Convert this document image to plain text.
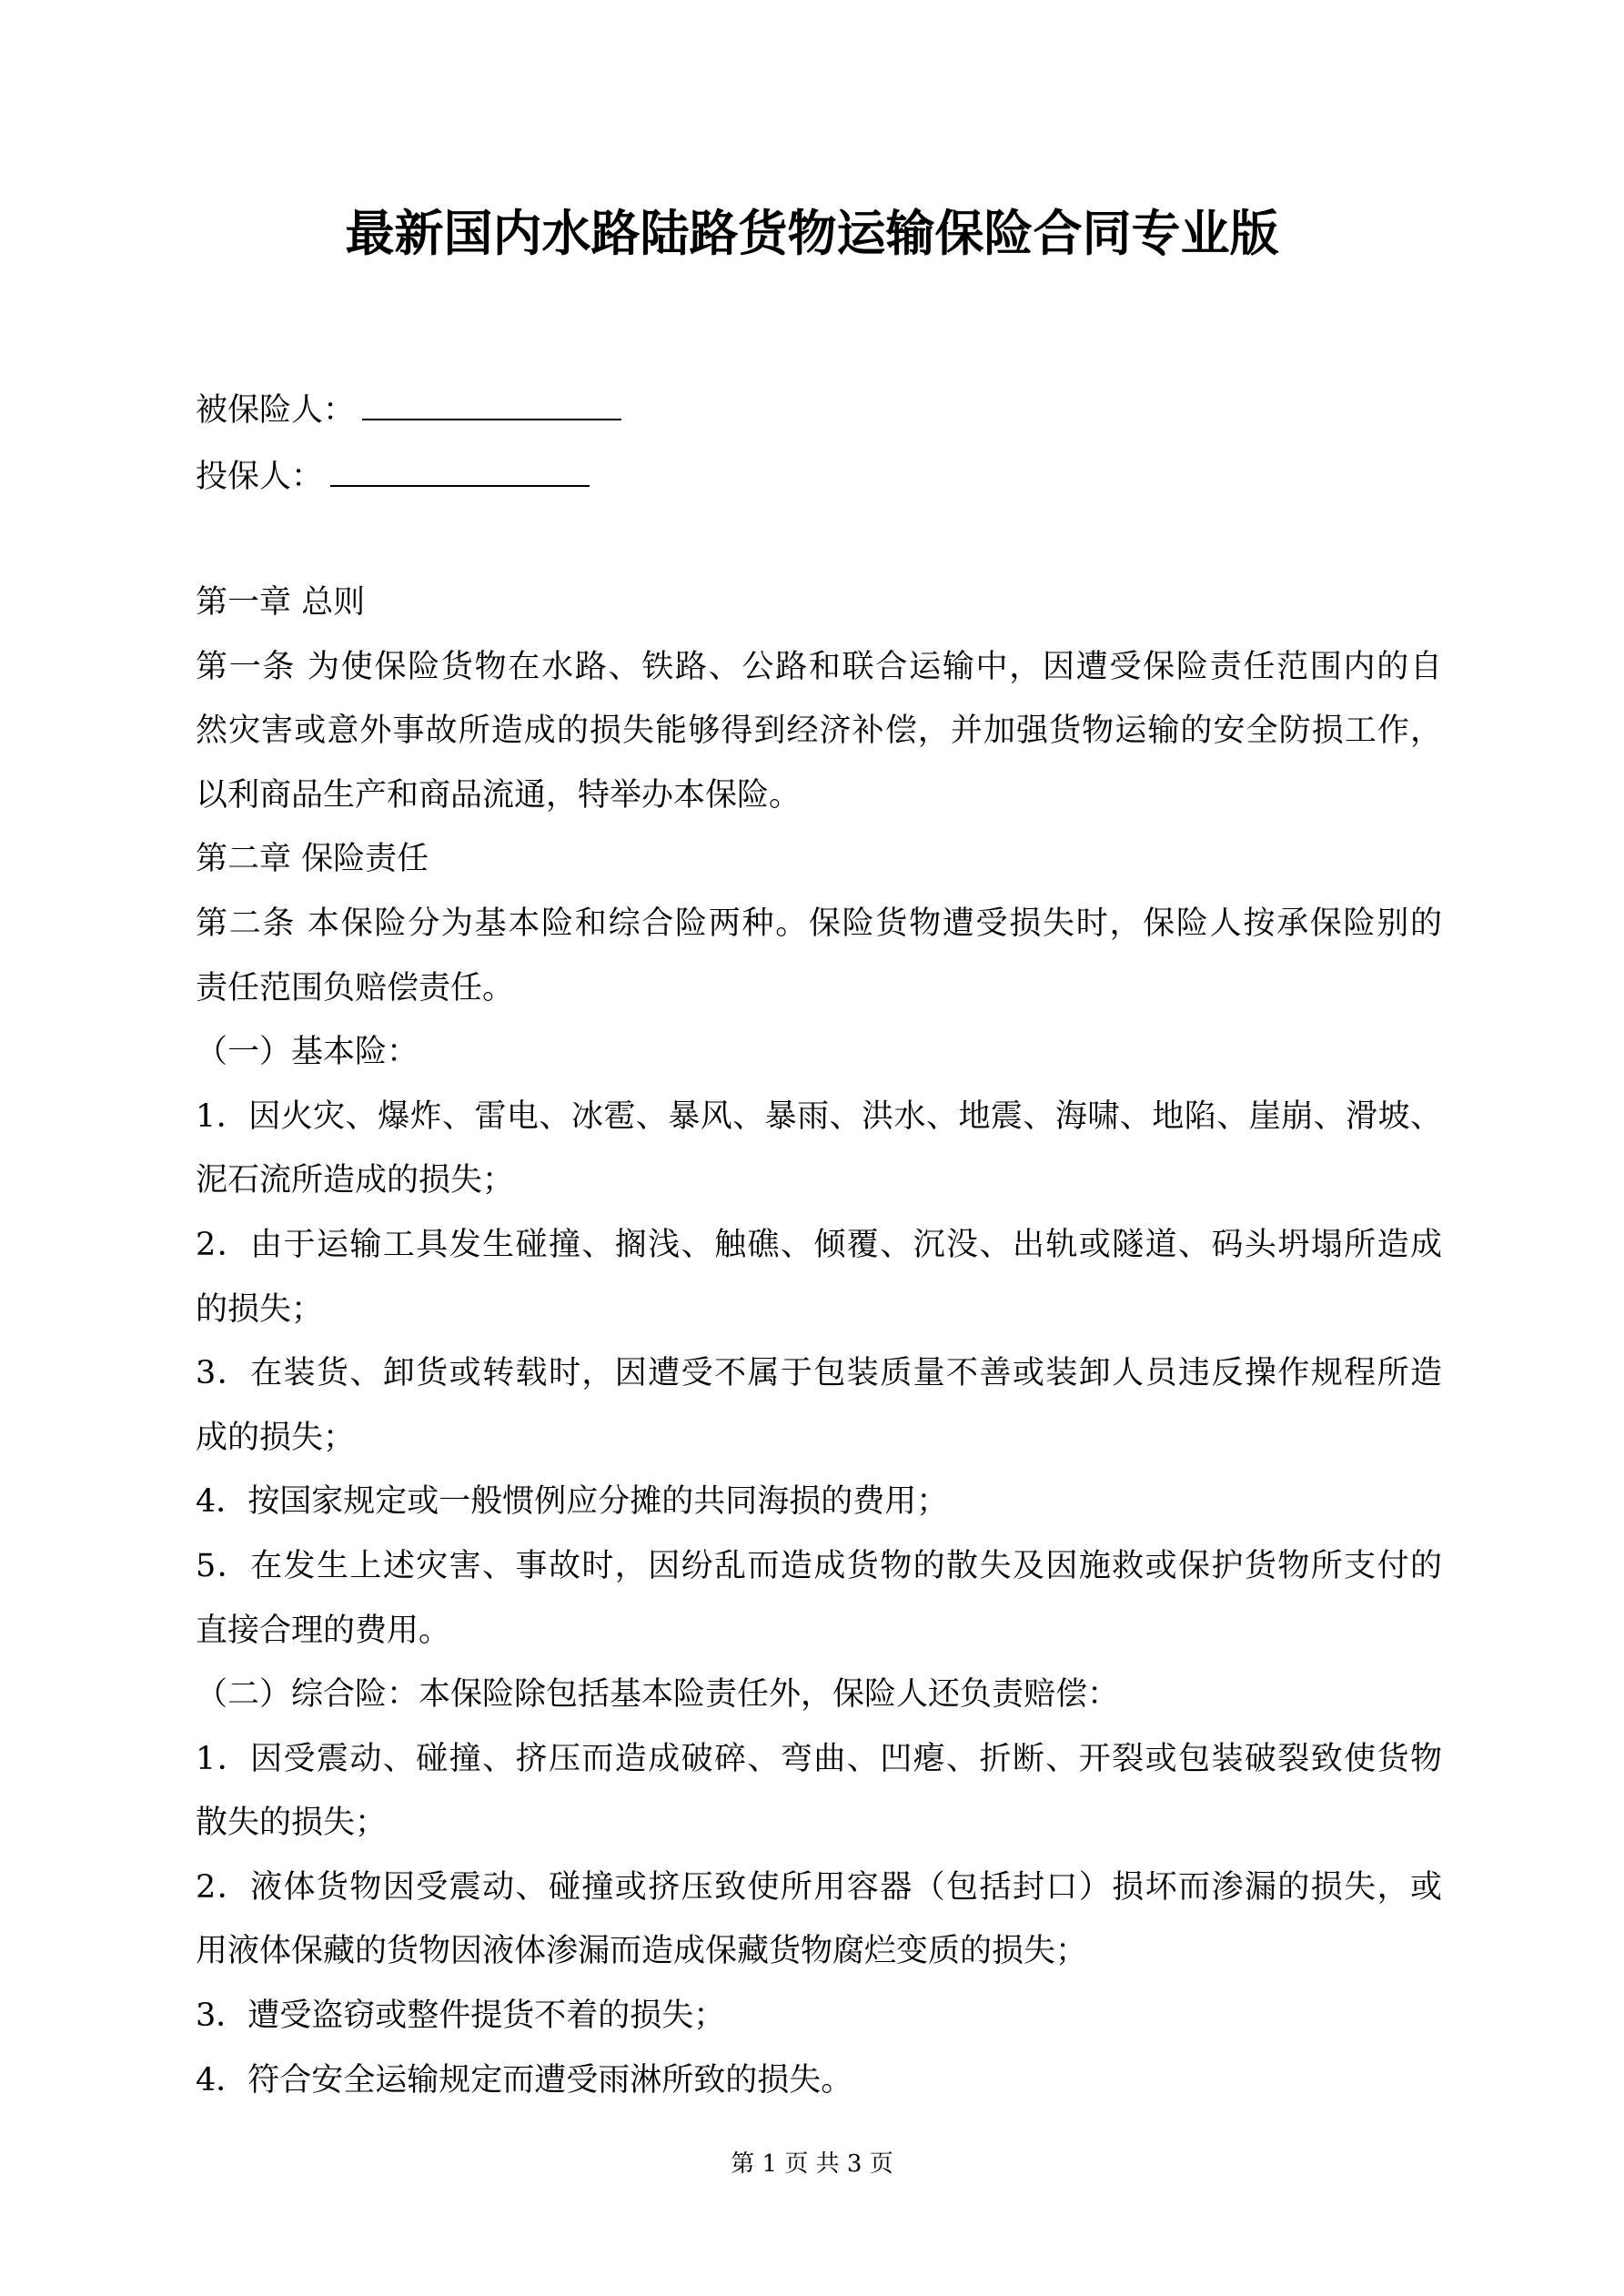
最新国内水路陆路货物运输保险合同专业版
被保险人：
投保人：
第一章 总则
第一条 为使保险货物在水路、铁路、公路和联合运输中，因遭受保险责任范围内的自
然灾害或意外事故所造成的损失能够得到经济补偿，并加强货物运输的安全防损工作，
以利商品生产和商品流通，特举办本保险。
第二章 保险责任
第二条 本保险分为基本险和综合险两种。保险货物遭受损失时，保险人按承保险别的
责任范围负赔偿责任。
（一）基本险：
1．因火灾、爆炸、雷电、冰雹、暴风、暴雨、洪水、地震、海啸、地陷、崖崩、滑坡、
泥石流所造成的损失；
2．由于运输工具发生碰撞、搁浅、触礁、倾覆、沉没、出轨或隧道、码头坍塌所造成
的损失；
3．在装货、卸货或转载时，因遭受不属于包装质量不善或装卸人员违反操作规程所造
成的损失；
4．按国家规定或一般惯例应分摊的共同海损的费用；
5．在发生上述灾害、事故时，因纷乱而造成货物的散失及因施救或保护货物所支付的
直接合理的费用。
（二）综合险：本保险除包括基本险责任外，保险人还负责赔偿：
1．因受震动、碰撞、挤压而造成破碎、弯曲、凹瘪、折断、开裂或包装破裂致使货物
散失的损失；
2．液体货物因受震动、碰撞或挤压致使所用容器（包括封口）损坏而渗漏的损失，或
用液体保藏的货物因液体渗漏而造成保藏货物腐烂变质的损失；
3．遭受盗窃或整件提货不着的损失；
4．符合安全运输规定而遭受雨淋所致的损失。
第 1 页 共 3 页
